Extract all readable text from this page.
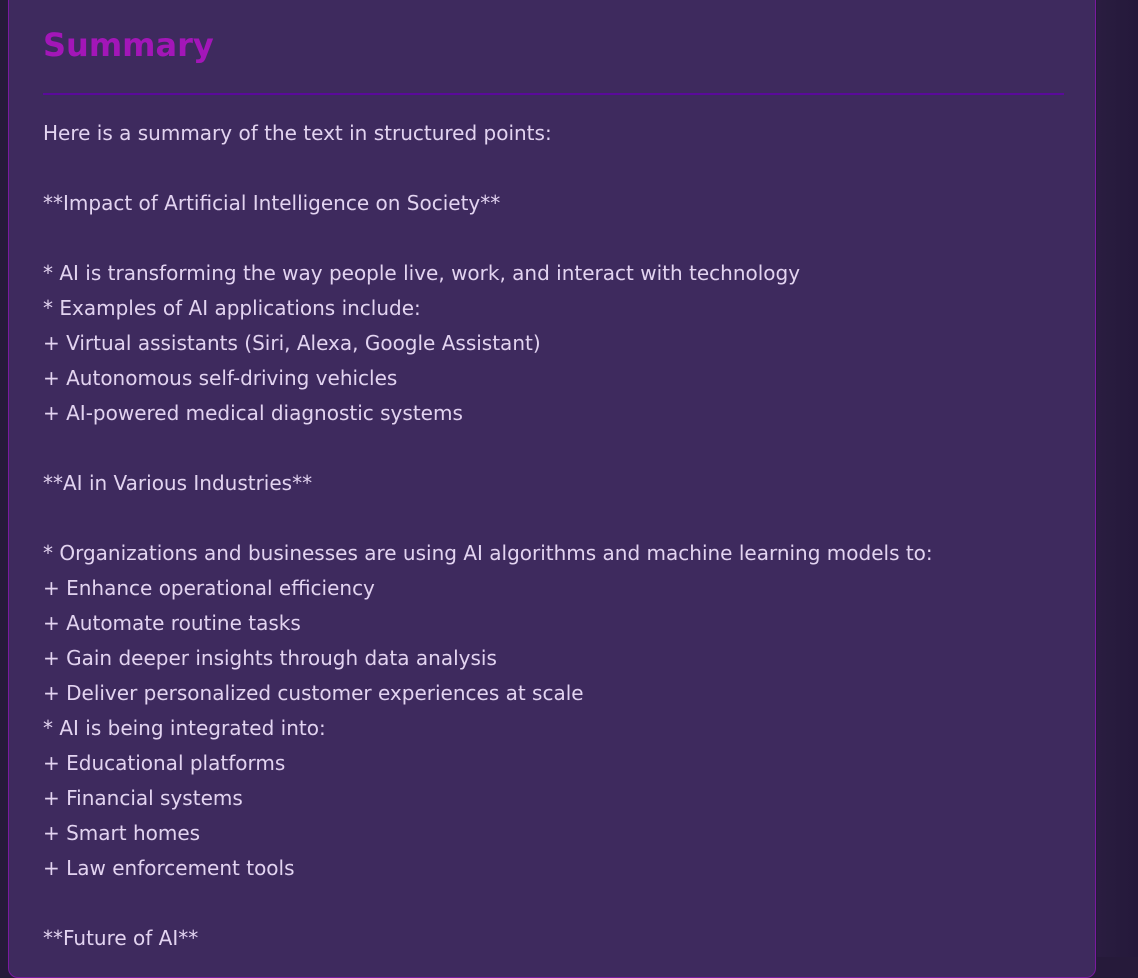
Summary
Here is a summary of the text in structured points:
**Impact of Artificial Intelligence on Society**
* AI is transforming the way people live, work, and interact with technology
* Examples of AI applications include:
+ Virtual assistants (Siri, Alexa, Google Assistant)
+ Autonomous self-driving vehicles
+ AI-powered medical diagnostic systems
**AI in Various Industries**
* Organizations and businesses are using AI algorithms and machine learning models to:
+ Enhance operational efficiency
+ Automate routine tasks
+ Gain deeper insights through data analysis
+ Deliver personalized customer experiences at scale
* AI is being integrated into:
+ Educational platforms
+ Financial systems
+ Smart homes
+ Law enforcement tools
**Future of AI**
